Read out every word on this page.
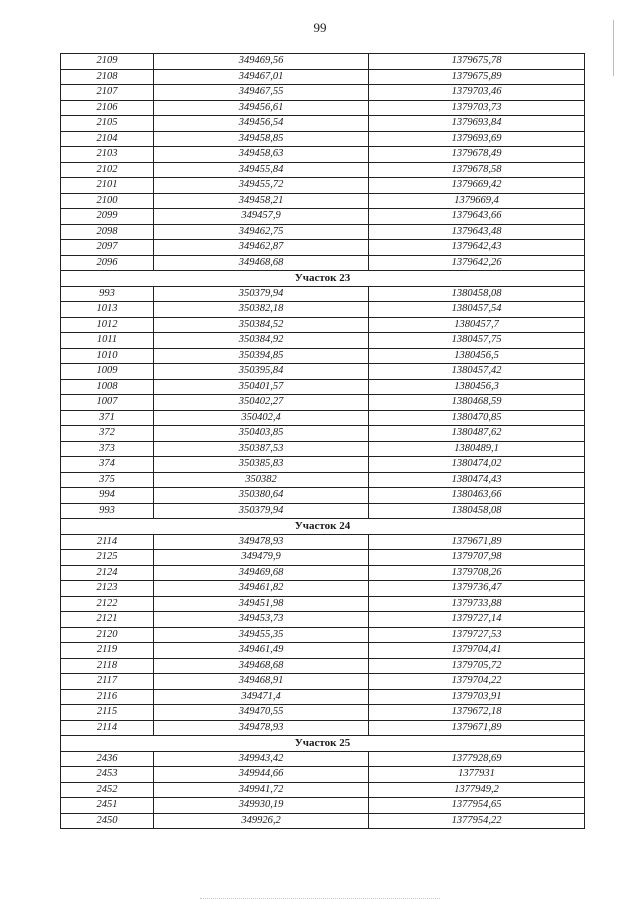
99
2109	349469,56	1379675,78
2108	349467,01	1379675,89
2107	349467,55	1379703,46
2106	349456,61	1379703,73
2105	349456,54	1379693,84
2104	349458,85	1379693,69
2103	349458,63	1379678,49
2102	349455,84	1379678,58
2101	349455,72	1379669,42
2100	349458,21	1379669,4
2099	349457,9	1379643,66
2098	349462,75	1379643,48
2097	349462,87	1379642,43
2096	349468,68	1379642,26
Участок 23		
993	350379,94	1380458,08
1013	350382,18	1380457,54
1012	350384,52	1380457,7
1011	350384,92	1380457,75
1010	350394,85	1380456,5
1009	350395,84	1380457,42
1008	350401,57	1380456,3
1007	350402,27	1380468,59
371	350402,4	1380470,85
372	350403,85	1380487,62
373	350387,53	1380489,1
374	350385,83	1380474,02
375	350382	1380474,43
994	350380,64	1380463,66
993	350379,94	1380458,08
Участок 24		
2114	349478,93	1379671,89
2125	349479,9	1379707,98
2124	349469,68	1379708,26
2123	349461,82	1379736,47
2122	349451,98	1379733,88
2121	349453,73	1379727,14
2120	349455,35	1379727,53
2119	349461,49	1379704,41
2118	349468,68	1379705,72
2117	349468,91	1379704,22
2116	349471,4	1379703,91
2115	349470,55	1379672,18
2114	349478,93	1379671,89
Участок 25		
2436	349943,42	1377928,69
2453	349944,66	1377931
2452	349941,72	1377949,2
2451	349930,19	1377954,65
2450	349926,2	1377954,22
